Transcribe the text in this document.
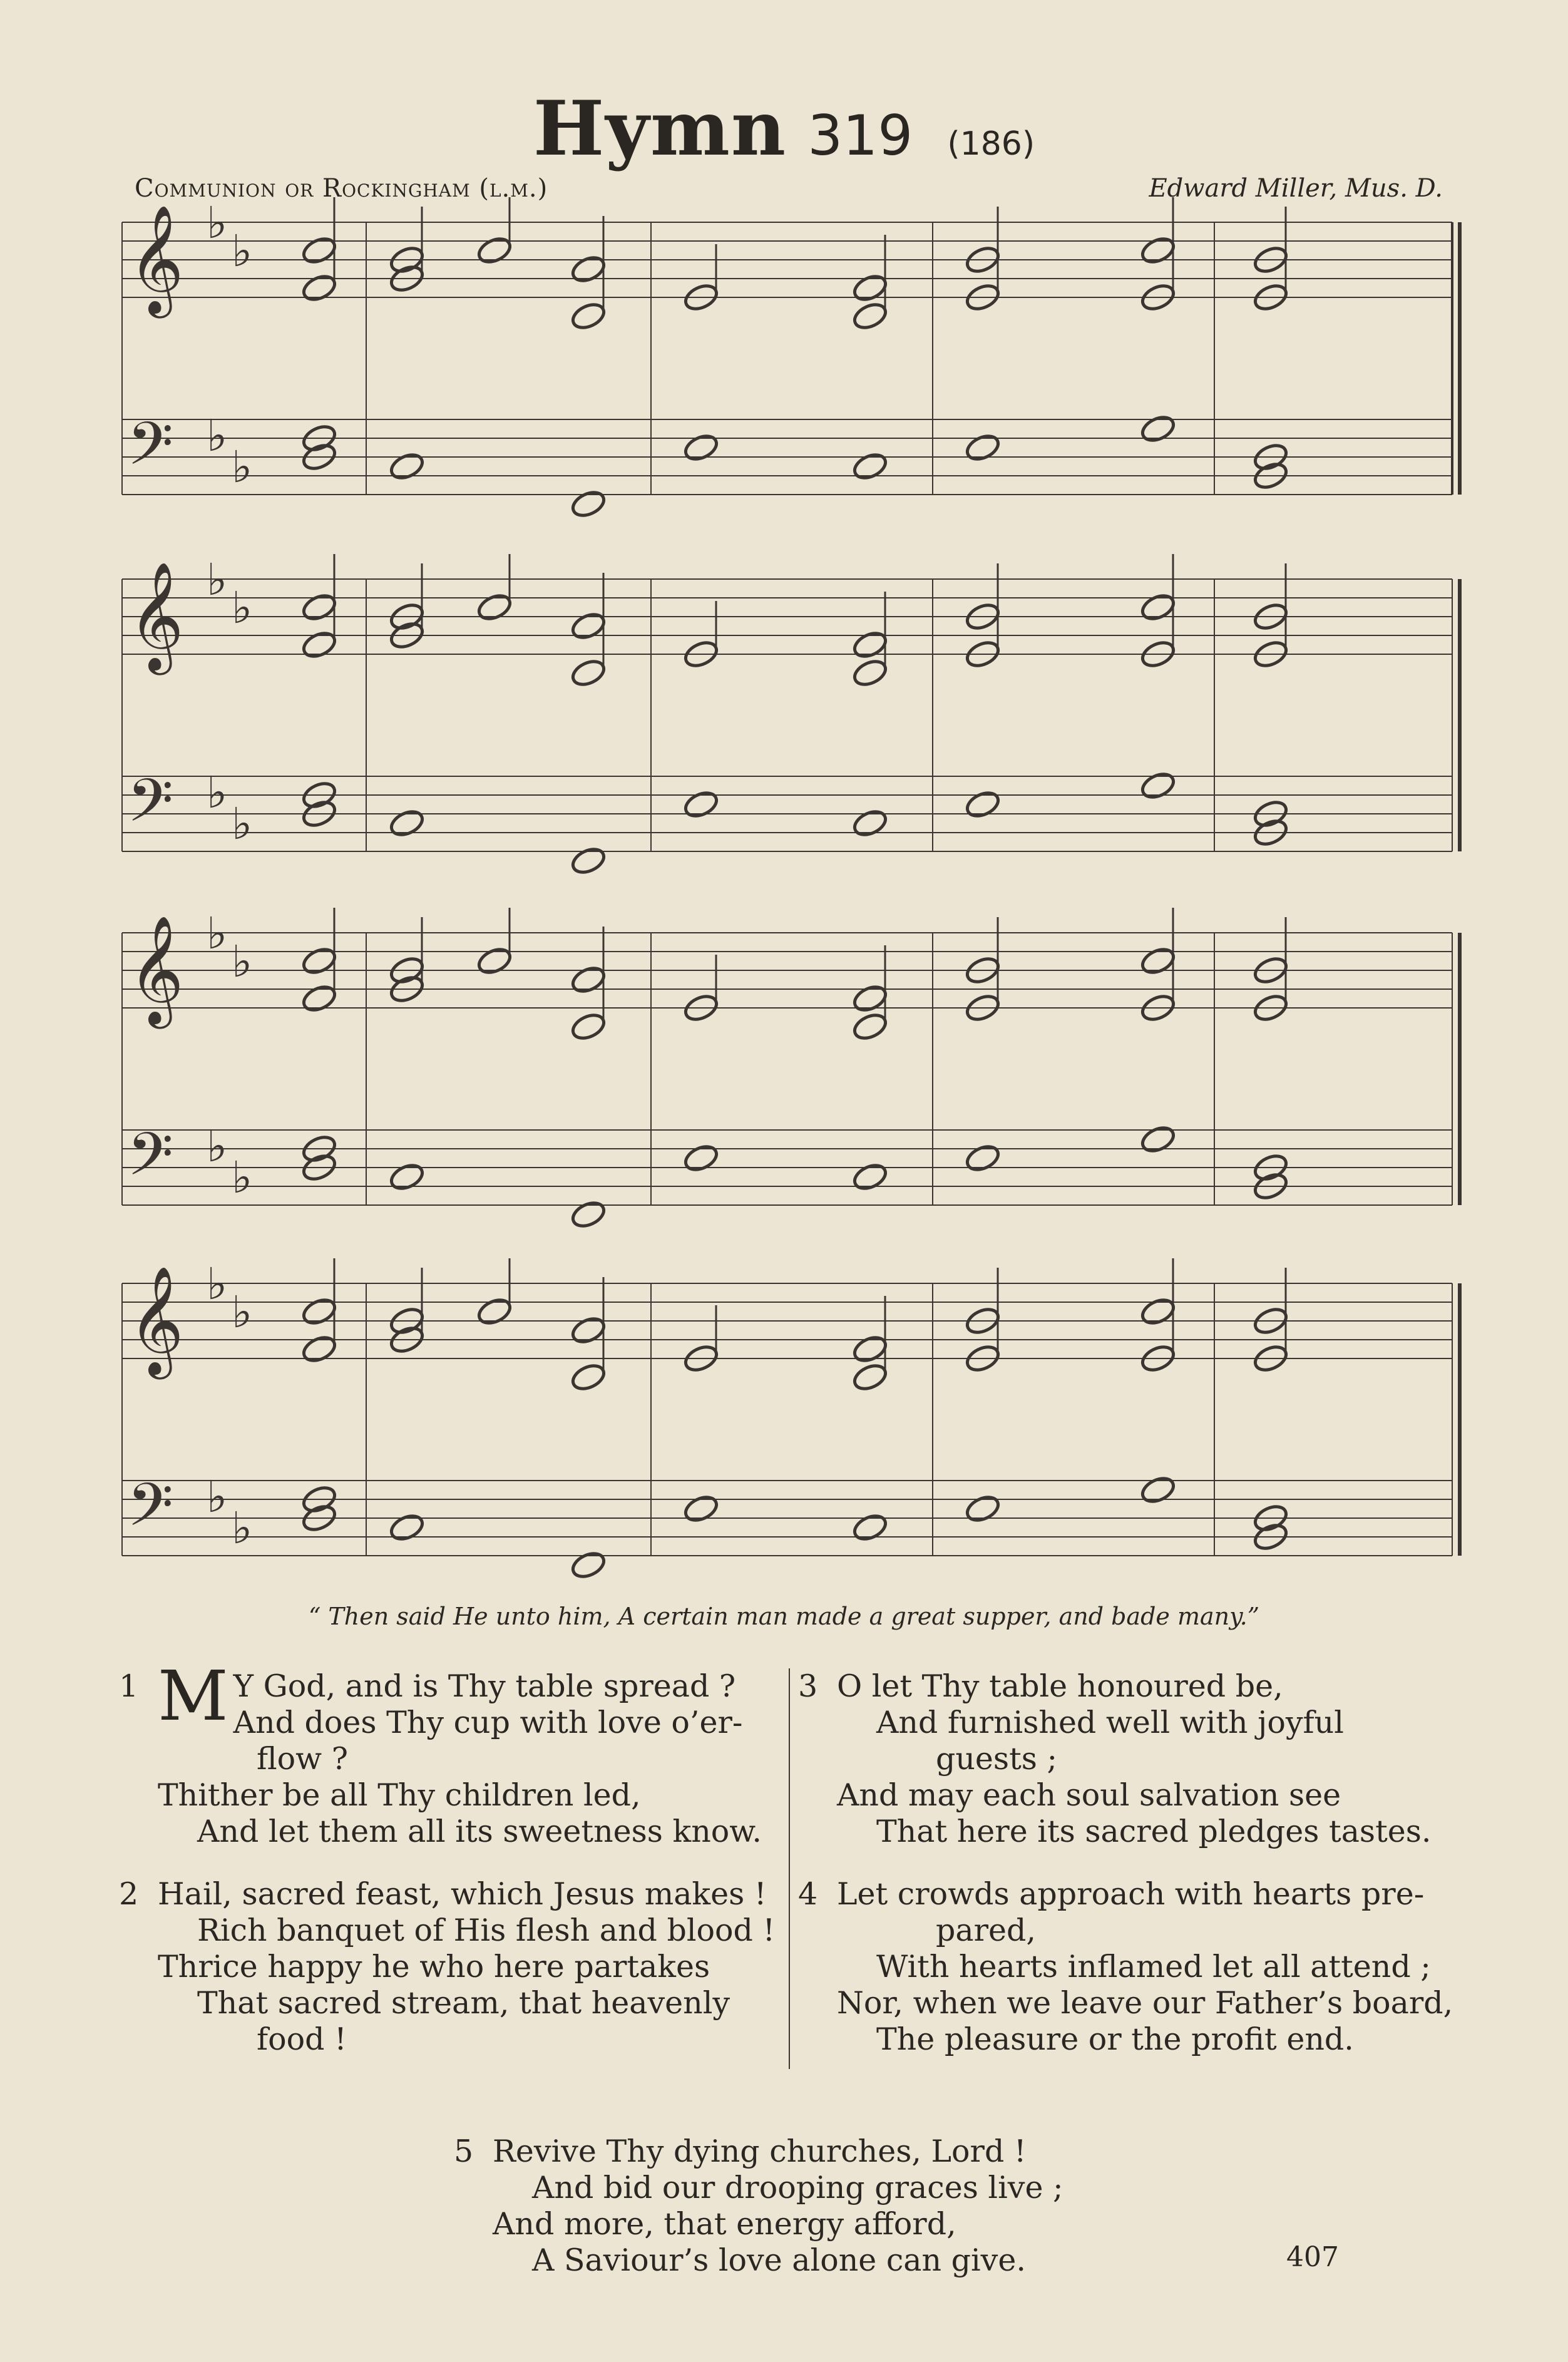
Hymn 319 (186)
Communion or Rockingham (l.m.)	Edward Miller, Mus. D.
𝄞
𝄢
♭
♭
♭
♭
𝄞
𝄢
♭
♭
♭
♭
𝄞
𝄢
♭
♭
♭
♭
𝄞
𝄢
♭
♭
♭
♭
“ Then said He unto him, A certain man made a great supper, and bade many.”
1 M Y God, and is Thy table spread ?
And does Thy cup with love o’er-
flow ?
Thither be all Thy children led,
And let them all its sweetness know.
2 Hail, sacred feast, which Jesus makes !
Rich banquet of His flesh and blood !
Thrice happy he who here partakes
That sacred stream, that heavenly
food !
3 O let Thy table honoured be,
And furnished well with joyful
guests ;
And may each soul salvation see
That here its sacred pledges tastes.
4 Let crowds approach with hearts pre-
pared,
With hearts inflamed let all attend ;
Nor, when we leave our Father’s board,
The pleasure or the profit end.
5 Revive Thy dying churches, Lord !
And bid our drooping graces live ;
And more, that energy afford,
A Saviour’s love alone can give.	407
